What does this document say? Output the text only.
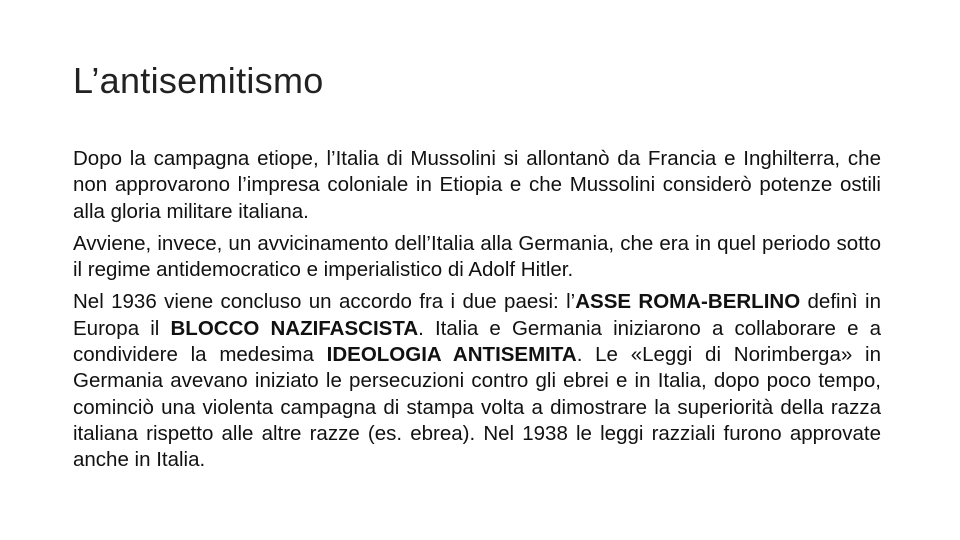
L’antisemitismo

Dopo la campagna etiope, l’Italia di Mussolini si allontanò da Francia e Inghilterra, che non approvarono l’impresa coloniale in Etiopia e che Mussolini considerò potenze ostili alla gloria militare italiana.

Avviene, invece, un avvicinamento dell’Italia alla Germania, che era in quel periodo sotto il regime antidemocratico e imperialistico di Adolf Hitler.

Nel 1936 viene concluso un accordo fra i due paesi: l’ASSE ROMA-BERLINO definì in Europa il BLOCCO NAZIFASCISTA. Italia e Germania iniziarono a collaborare e a condividere la medesima IDEOLOGIA ANTISEMITA. Le «Leggi di Norimberga» in Germania avevano iniziato le persecuzioni contro gli ebrei e in Italia, dopo poco tempo, cominciò una violenta campagna di stampa volta a dimostrare la superiorità della razza italiana rispetto alle altre razze (es. ebrea). Nel 1938 le leggi razziali furono approvate anche in Italia.
